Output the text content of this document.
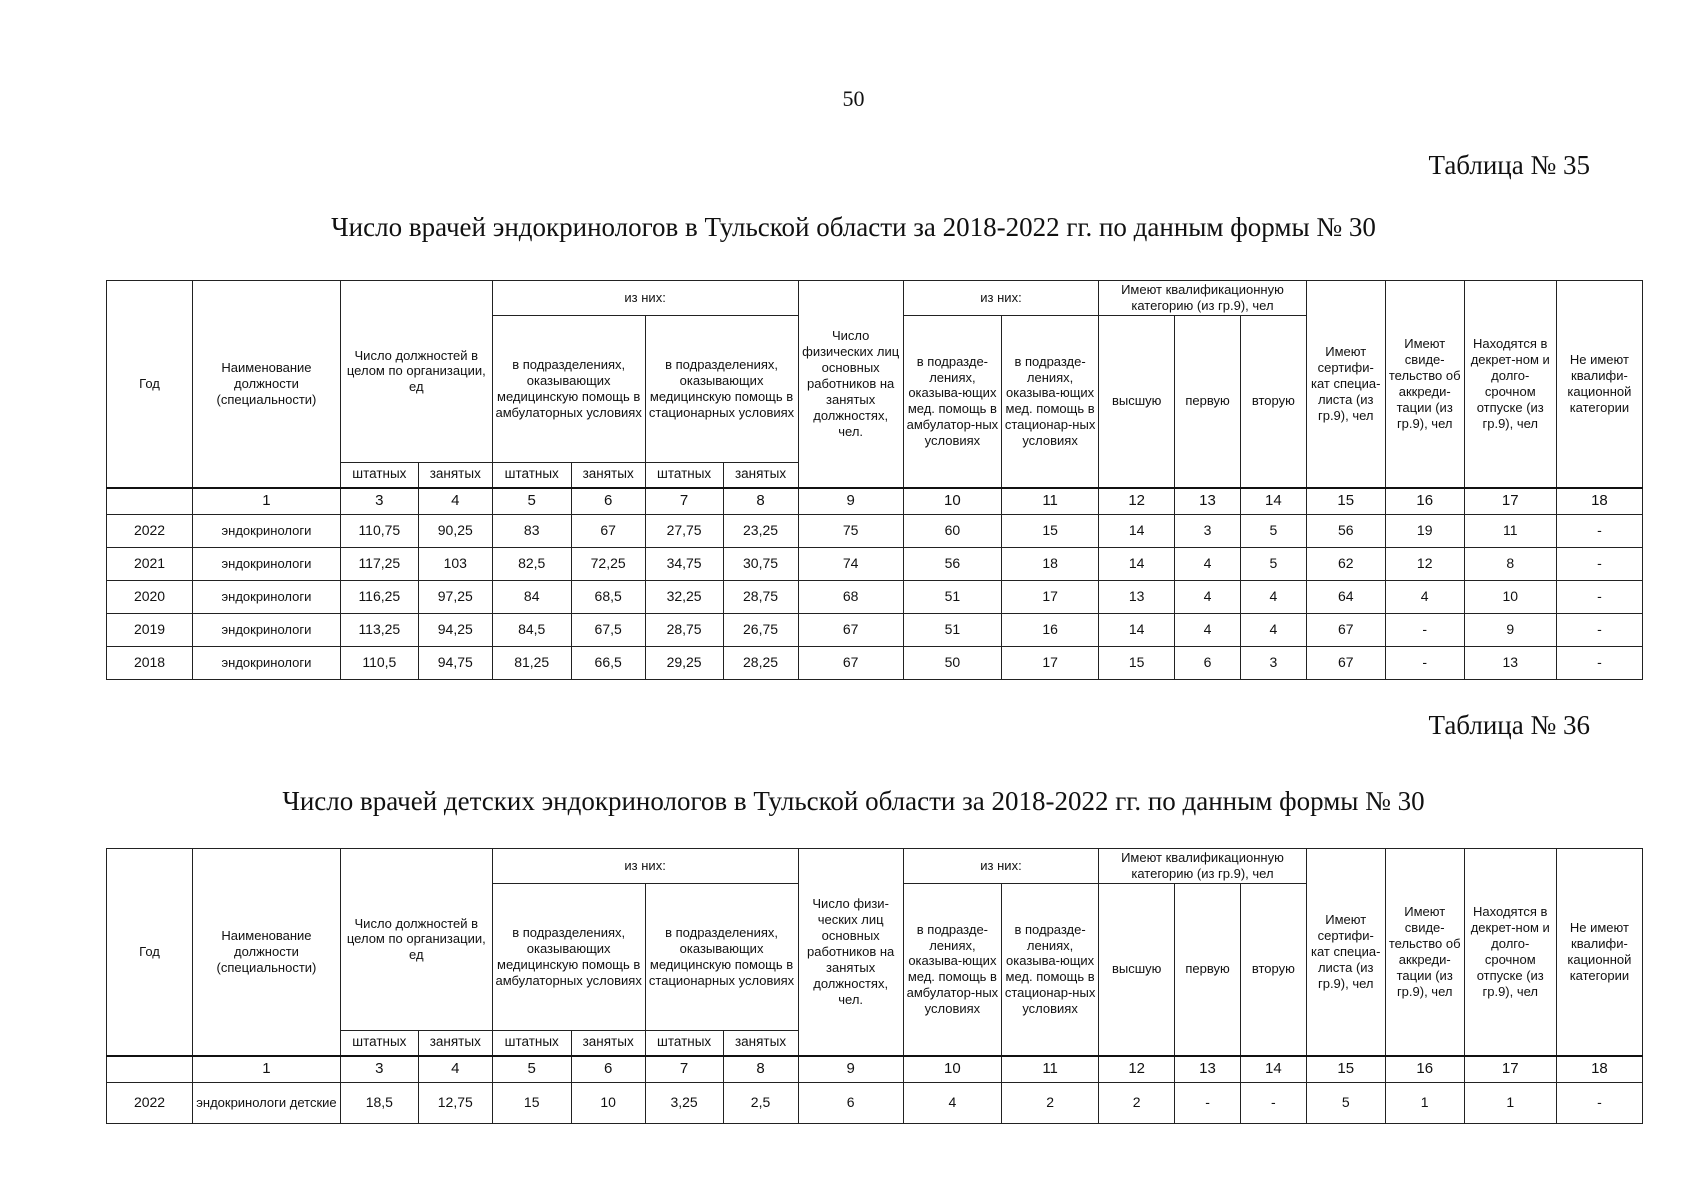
50
Таблица № 35
Число врачей эндокринологов в Тульской области за 2018-2022 гг. по данным формы № 30
Год	Наименование должности (специальности)	Число должностей в целом по организации, ед		из них:				Число физических лиц основных работников на занятых должностях, чел.	из них:		Имеют квалификационную категорию (из гр.9), чел			Имеют сертифи-кат специа-листа (из гр.9), чел	Имеют свиде-тельство об аккреди-тации (из гр.9), чел	Находятся в декрет-ном и долго-срочном отпуске (из гр.9), чел	Не имеют квалифи-кационной категории
				в подразделениях, оказывающих медицинскую помощь в амбулаторных условиях		в подразделениях, оказывающих медицинскую помощь в стационарных условиях			в подразде-лениях, оказыва-ющих мед. помощь в амбулатор-ных условиях	в подразде-лениях, оказыва-ющих мед. помощь в стационар-ных условиях	высшую	первую	вторую				
		штатных	занятых	штатных	занятых	штатных	занятых										
	1	3	4	5	6	7	8	9	10	11	12	13	14	15	16	17	18
2022	эндокринологи	110,75	90,25	83	67	27,75	23,25	75	60	15	14	3	5	56	19	11	-
2021	эндокринологи	117,25	103	82,5	72,25	34,75	30,75	74	56	18	14	4	5	62	12	8	-
2020	эндокринологи	116,25	97,25	84	68,5	32,25	28,75	68	51	17	13	4	4	64	4	10	-
2019	эндокринологи	113,25	94,25	84,5	67,5	28,75	26,75	67	51	16	14	4	4	67	-	9	-
2018	эндокринологи	110,5	94,75	81,25	66,5	29,25	28,25	67	50	17	15	6	3	67	-	13	-
Таблица № 36
Число врачей детских эндокринологов в Тульской области за 2018-2022 гг. по данным формы № 30
Год	Наименование должности (специальности)	Число должностей в целом по организации, ед		из них:				Число физи-ческих лиц основных работников на занятых должностях, чел.	из них:		Имеют квалификационную категорию (из гр.9), чел			Имеют сертифи-кат специа-листа (из гр.9), чел	Имеют свиде-тельство об аккреди-тации (из гр.9), чел	Находятся в декрет-ном и долго-срочном отпуске (из гр.9), чел	Не имеют квалифи-кационной категории
				в подразделениях, оказывающих медицинскую помощь в амбулаторных условиях		в подразделениях, оказывающих медицинскую помощь в стационарных условиях			в подразде-лениях, оказыва-ющих мед. помощь в амбулатор-ных условиях	в подразде-лениях, оказыва-ющих мед. помощь в стационар-ных условиях	высшую	первую	вторую				
		штатных	занятых	штатных	занятых	штатных	занятых										
	1	3	4	5	6	7	8	9	10	11	12	13	14	15	16	17	18
2022	эндокринологи детские	18,5	12,75	15	10	3,25	2,5	6	4	2	2	-	-	5	1	1	-
